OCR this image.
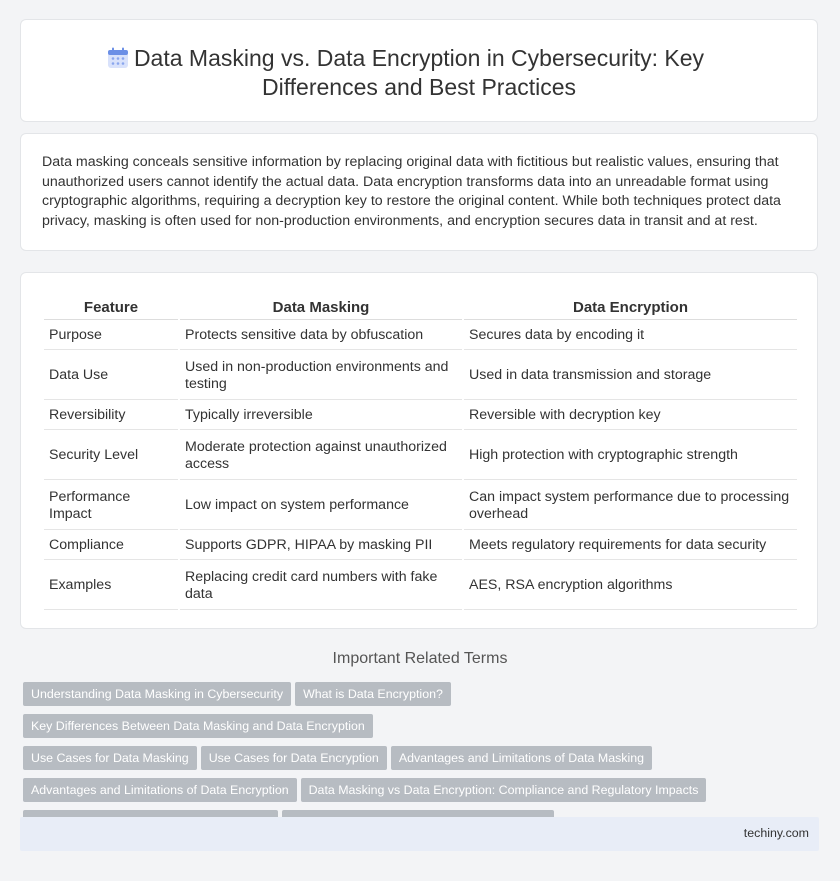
Data Masking vs. Data Encryption in Cybersecurity: Key Differences and Best Practices

Data masking conceals sensitive information by replacing original data with fictitious but realistic values, ensuring that unauthorized users cannot identify the actual data. Data encryption transforms data into an unreadable format using cryptographic algorithms, requiring a decryption key to restore the original content. While both techniques protect data privacy, masking is often used for non-production environments, and encryption secures data in transit and at rest.

Feature	Data Masking	Data Encryption
Purpose	Protects sensitive data by obfuscation	Secures data by encoding it
Data Use	Used in non-production environments and testing	Used in data transmission and storage
Reversibility	Typically irreversible	Reversible with decryption key
Security Level	Moderate protection against unauthorized access	High protection with cryptographic strength
Performance Impact	Low impact on system performance	Can impact system performance due to processing overhead
Compliance	Supports GDPR, HIPAA by masking PII	Meets regulatory requirements for data security
Examples	Replacing credit card numbers with fake data	AES, RSA encryption algorithms
Important Related Terms
Understanding Data Masking in Cybersecurity What is Data Encryption?Key Differences Between Data Masking and Data Encryption
Use Cases for Data Masking Use Cases for Data Encryption Advantages and Limitations of Data Masking
Advantages and Limitations of Data Encryption Data Masking vs Data Encryption: Compliance and Regulatory Impacts

techiny.com
